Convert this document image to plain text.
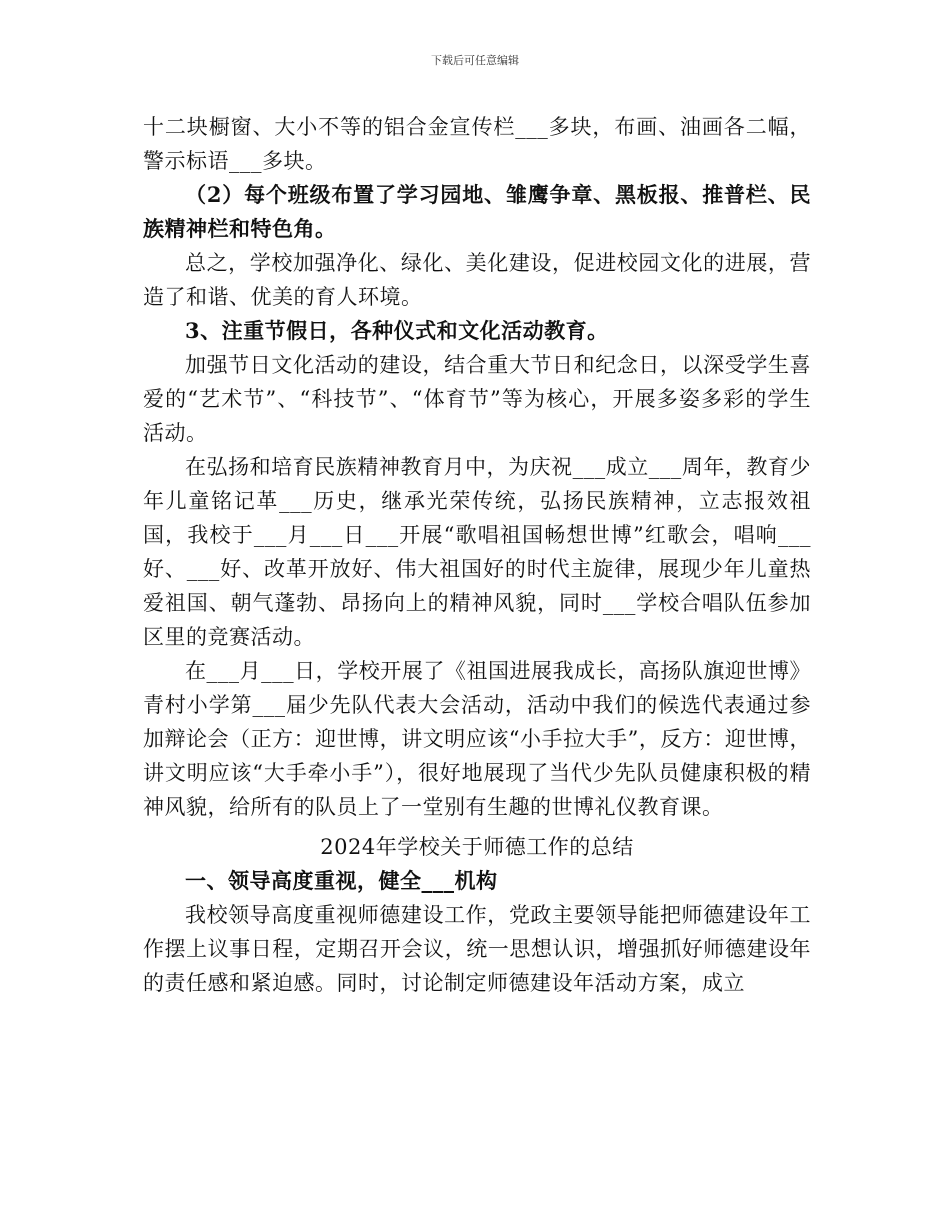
下载后可任意编辑

十二块橱窗、大小不等的铝合金宣传栏___多块，布画、油画各二幅，警示标语___多块。

（2）每个班级布置了学习园地、雏鹰争章、黑板报、推普栏、民族精神栏和特色角。

总之，学校加强净化、绿化、美化建设，促进校园文化的进展，营造了和谐、优美的育人环境。

3、注重节假日，各种仪式和文化活动教育。

加强节日文化活动的建设，结合重大节日和纪念日，以深受学生喜爱的“艺术节”、“科技节”、“体育节”等为核心，开展多姿多彩的学生活动。

在弘扬和培育民族精神教育月中，为庆祝___成立___周年，教育少年儿童铭记革___历史，继承光荣传统，弘扬民族精神，立志报效祖国，我校于___月___日___开展“歌唱祖国畅想世博”红歌会，唱响___好、___好、改革开放好、伟大祖国好的时代主旋律，展现少年儿童热爱祖国、朝气蓬勃、昂扬向上的精神风貌，同时___学校合唱队伍参加区里的竞赛活动。

在___月___日，学校开展了《祖国进展我成长，高扬队旗迎世博》青村小学第___届少先队代表大会活动，活动中我们的候选代表通过参加辩论会（正方：迎世博，讲文明应该“小手拉大手”，反方：迎世博，讲文明应该“大手牵小手”），很好地展现了当代少先队员健康积极的精神风貌，给所有的队员上了一堂别有生趣的世博礼仪教育课。

2024年学校关于师德工作的总结

一、领导高度重视，健全___机构

我校领导高度重视师德建设工作，党政主要领导能把师德建设年工作摆上议事日程，定期召开会议，统一思想认识，增强抓好师德建设年的责任感和紧迫感。同时，讨论制定师德建设年活动方案，成立
